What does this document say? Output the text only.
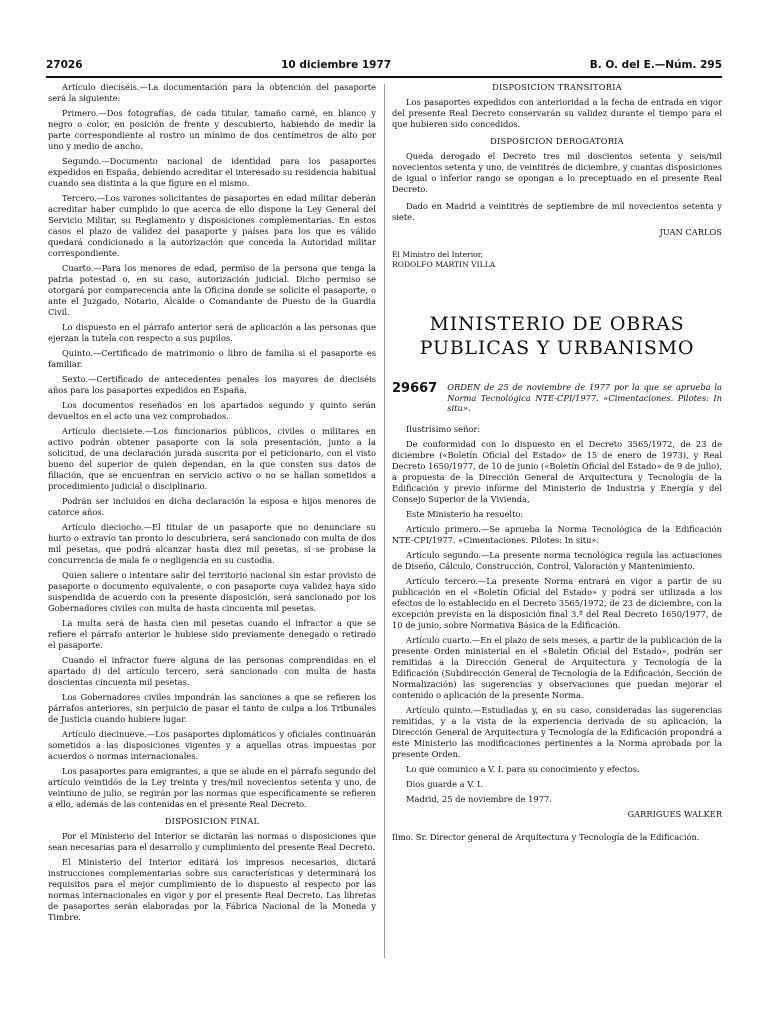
27026	10 diciembre 1977	B. O. del E.—Núm. 295

Artículo dieciséis.—La documentación para la obtención del pasaporte será la siguiente:

Primero.—Dos fotografías, de cada titular, tamaño carné, en blanco y negro o color, en posición de frente y descubierto, habiendo de medir la parte correspondiente al rostro un mínimo de dos centímetros de alto por uno y medio de ancho.

Segundo.—Documento nacional de identidad para los pasaportes expedidos en España, debiendo acreditar el interesado su residencia habitual cuando sea distinta a la que figure en el mismo.

Tercero.—Los varones solicitantes de pasaportes en edad militar deberán acreditar haber cumplido lo que acerca de ello dispone la Ley General del Servicio Militar, su Reglamento y disposiciones complementarias. En estos casos el plazo de validez del pasaporte y países para los que es válido quedará condicionado a la autorización que conceda la Autoridad militar correspondiente.

Cuarto.—Para los menores de edad, permiso de la persona que tenga la patria potestad o, en su caso, autorización judicial. Dicho permiso se otorgará por comparecencia ante la Oficina donde se solicite el pasaporte, o ante el Juzgado, Notario, Alcalde o Comandante de Puesto de la Guardia Civil.

Lo dispuesto en el párrafo anterior será de aplicación a las personas que ejerzan la tutela con respecto a sus pupilos.

Quinto.—Certificado de matrimonio o libro de familia si el pasaporte es familiar.

Sexto.—Certificado de antecedentes penales los mayores de dieciséis años para los pasaportes expedidos en España.

Los documentos reseñados en los apartados segundo y quinto serán devueltos en el acto una vez comprobados.

Artículo diecisiete.—Los funcionarios públicos, civiles o militares en activo podrán obtener pasaporte con la sola presentación, junto a la solicitud, de una declaración jurada suscrita por el peticionario, con el visto bueno del superior de quien dependan, en la que consten sus datos de filiación, que se encuentran en servicio activo o no se hallan sometidos a procedimiento judicial o disciplinario.

Podrán ser incluidos en dicha declaración la esposa e hijos menores de catorce años.

Artículo dieciocho.—El titular de un pasaporte que no denunciare su hurto o extravío tan pronto lo descubriera, será sancionado con multa de dos mil pesetas, que podrá alcanzar hasta diez mil pesetas, si se probase la concurrencia de mala fe o negligencia en su custodia.

Quien saliere o intentare salir del territorio nacional sin estar provisto de pasaporte o documento equivalente, o con pasaporte cuya validez haya sido suspendida de acuerdo con la presente disposición, será sancionado por los Gobernadores civiles con multa de hasta cincuenta mil pesetas.

La multa será de hasta cien mil pesetas cuando el infractor a que se refiere el párrafo anterior le hubiese sido previamente denegado o retirado el pasaporte.

Cuando el infractor fuere alguna de las personas comprendidas en el apartado d) del artículo tercero, será sancionado con multa de hasta doscientas cincuenta mil pesetas.

Los Gobernadores civiles impondrán las sanciones a que se refieren los párrafos anteriores, sin perjuicio de pasar el tanto de culpa a los Tribunales de Justicia cuando hubiere lugar.

Artículo diecinueve.—Los pasaportes diplomáticos y oficiales continuarán sometidos a las disposiciones vigentes y a aquellas otras impuestas por acuerdos o normas internacionales.

Los pasaportes para emigrantes, a que se alude en el párrafo segundo del artículo veintidós de la Ley treinta y tres/mil novecientos setenta y uno, de veintiuno de julio, se regirán por las normas que específicamente se refieren a ello, además de las contenidas en el presente Real Decreto.

DISPOSICION FINAL

Por el Ministerio del Interior se dictarán las normas o disposiciones que sean necesarias para el desarrollo y cumplimiento del presente Real Decreto.

El Ministerio del Interior editará los impresos necesarios, dictará instrucciones complementarias sobre sus características y determinará los requisitos para el mejor cumplimiento de lo dispuesto al respecto por las normas internacionales en vigor y por el presente Real Decreto. Las libretas de pasaportes serán elaboradas por la Fábrica Nacional de la Moneda y Timbre.

DISPOSICION TRANSITORIA

Los pasaportes expedidos con anterioridad a la fecha de entrada en vigor del presente Real Decreto conservarán su validez durante el tiempo para el que hubieren sido concedidos.

DISPOSICION DEROGATORIA

Queda derogado el Decreto tres mil doscientos setenta y seis/mil novecientos setenta y uno, de veintitrés de diciembre, y cuantas disposiciones de igual o inferior rango se opongan a lo preceptuado en el presente Real Decreto.

Dado en Madrid a veintitrés de septiembre de mil novecientos setenta y siete.

JUAN CARLOS

El Ministro del Interior,

RODOLFO MARTIN VILLA

MINISTERIO DE OBRAS
PUBLICAS Y URBANISMO
29667 ORDEN de 25 de noviembre de 1977 por la que se aprueba la Norma Tecnológica NTE-CPI/1977. «Cimentaciones. Pilotes: In situ».

Ilustrísimo señor:

De conformidad con lo dispuesto en el Decreto 3565/1972, de 23 de diciembre («Boletín Oficial del Estado» de 15 de enero de 1973), y Real Decreto 1650/1977, de 10 de junio («Boletín Oficial del Estado» de 9 de julio), a propuesta de la Dirección General de Arquitectura y Tecnología de la Edificación y previo informe del Ministerio de Industria y Energía y del Consejo Superior de la Vivienda,

Este Ministerio ha resuelto:

Artículo primero.—Se aprueba la Norma Tecnológica de la Edificación NTE-CPI/1977. «Cimentaciones. Pilotes: In situ».

Artículo segundo.—La presente norma tecnológica regula las actuaciones de Diseño, Cálculo, Construcción, Control, Valoración y Mantenimiento.

Artículo tercero.—La presente Norma entrará en vigor a partir de su publicación en el «Boletín Oficial del Estado» y podrá ser utilizada a los efectos de lo establecido en el Decreto 3565/1972, de 23 de diciembre, con la excepción prevista en la disposición final 3.ª del Real Decreto 1650/1977, de 10 de junio, sobre Normativa Básica de la Edificación.

Artículo cuarto.—En el plazo de seis meses, a partir de la publicación de la presente Orden ministerial en el «Boletín Oficial del Estado», podrán ser remitidas a la Dirección General de Arquitectura y Tecnología de la Edificación (Subdirección General de Tecnología de la Edificación, Sección de Normalización) las sugerencias y observaciones que puedan mejorar el contenido o aplicación de la presente Norma.

Artículo quinto.—Estudiadas y, en su caso, consideradas las sugerencias remitidas, y a la vista de la experiencia derivada de su aplicación, la Dirección General de Arquitectura y Tecnología de la Edificación propondrá a este Ministerio las modificaciones pertinentes a la Norma aprobada por la presente Orden.

Lo que comunico a V. I. para su conocimiento y efectos.

Dios guarde a V. I.

Madrid, 25 de noviembre de 1977.

GARRIGUES WALKER

Ilmo. Sr. Director general de Arquitectura y Tecnología de la Edificación.
